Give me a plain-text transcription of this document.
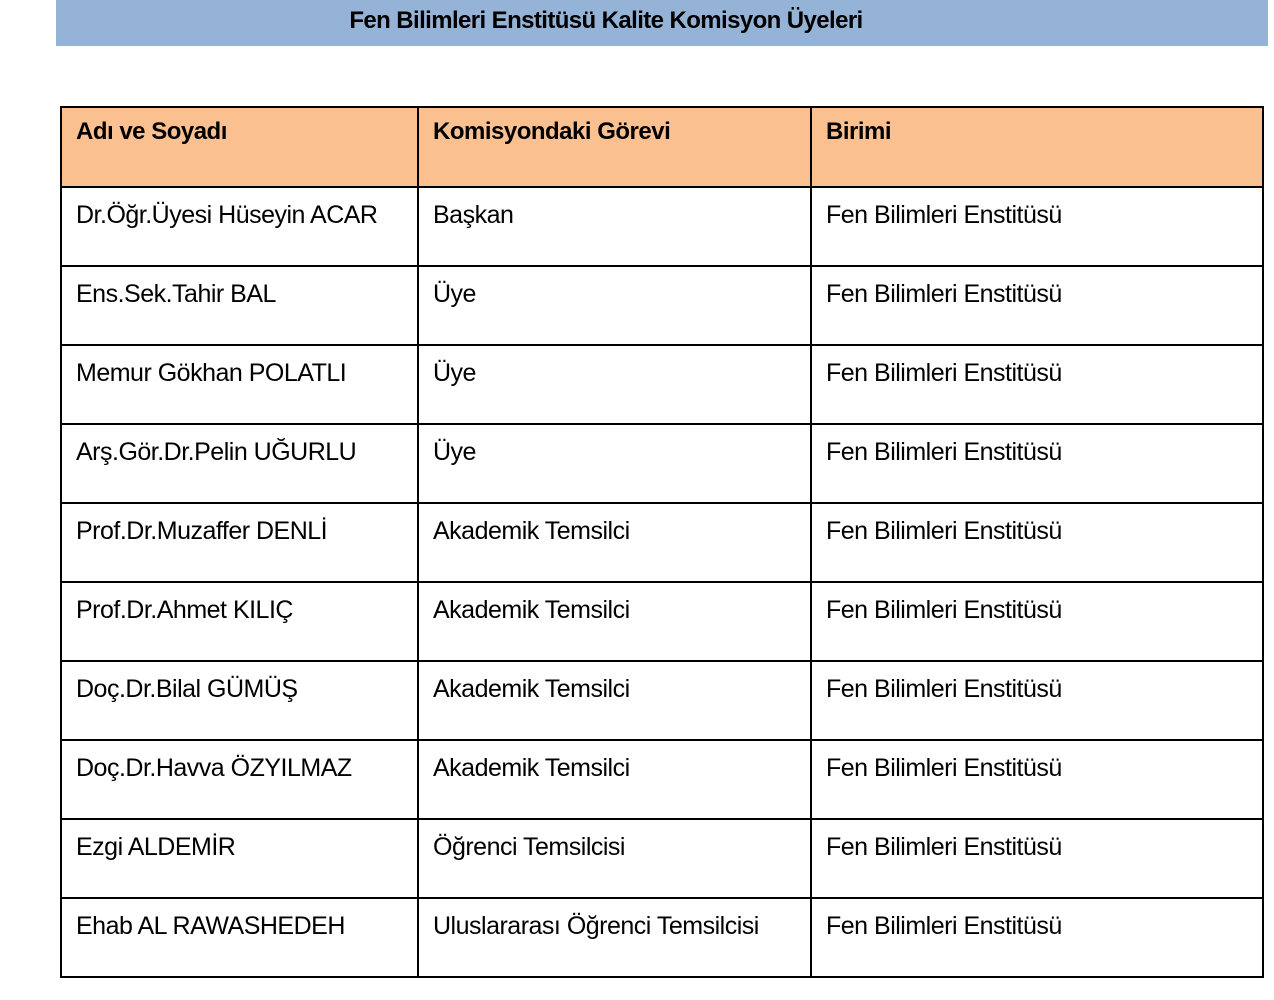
Fen Bilimleri Enstitüsü Kalite Komisyon Üyeleri
Adı ve Soyadı	Komisyondaki Görevi	Birimi
Dr.Öğr.Üyesi Hüseyin ACAR	Başkan	Fen Bilimleri Enstitüsü
Ens.Sek.Tahir BAL	Üye	Fen Bilimleri Enstitüsü
Memur Gökhan POLATLI	Üye	Fen Bilimleri Enstitüsü
Arş.Gör.Dr.Pelin UĞURLU	Üye	Fen Bilimleri Enstitüsü
Prof.Dr.Muzaffer DENLİ	Akademik Temsilci	Fen Bilimleri Enstitüsü
Prof.Dr.Ahmet KILIÇ	Akademik Temsilci	Fen Bilimleri Enstitüsü
Doç.Dr.Bilal GÜMÜŞ	Akademik Temsilci	Fen Bilimleri Enstitüsü
Doç.Dr.Havva ÖZYILMAZ	Akademik Temsilci	Fen Bilimleri Enstitüsü
Ezgi ALDEMİR	Öğrenci Temsilcisi	Fen Bilimleri Enstitüsü
Ehab AL RAWASHEDEH	Uluslararası Öğrenci Temsilcisi	Fen Bilimleri Enstitüsü
